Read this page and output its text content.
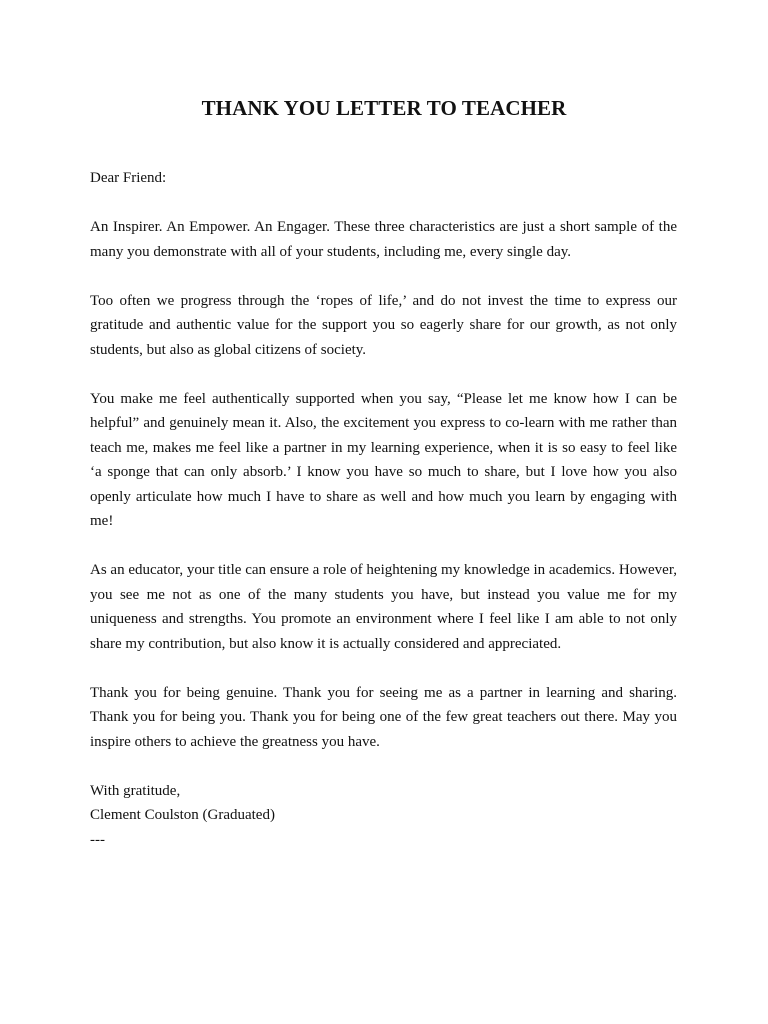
THANK YOU LETTER TO TEACHER

Dear Friend:

An Inspirer. An Empower. An Engager. These three characteristics are just a short sample of the many you demonstrate with all of your students, including me, every single day.

Too often we progress through the ‘ropes of life,’ and do not invest the time to express our gratitude and authentic value for the support you so eagerly share for our growth, as not only students, but also as global citizens of society.

You make me feel authentically supported when you say, “Please let me know how I can be helpful” and genuinely mean it. Also, the excitement you express to co-learn with me rather than teach me, makes me feel like a partner in my learning experience, when it is so easy to feel like ‘a sponge that can only absorb.’ I know you have so much to share, but I love how you also openly articulate how much I have to share as well and how much you learn by engaging with me!

As an educator, your title can ensure a role of heightening my knowledge in academics. However, you see me not as one of the many students you have, but instead you value me for my uniqueness and strengths. You promote an environment where I feel like I am able to not only share my contribution, but also know it is actually considered and appreciated.

Thank you for being genuine. Thank you for seeing me as a partner in learning and sharing. Thank you for being you. Thank you for being one of the few great teachers out there. May you inspire others to achieve the greatness you have.

With gratitude,

Clement Coulston (Graduated)

---
